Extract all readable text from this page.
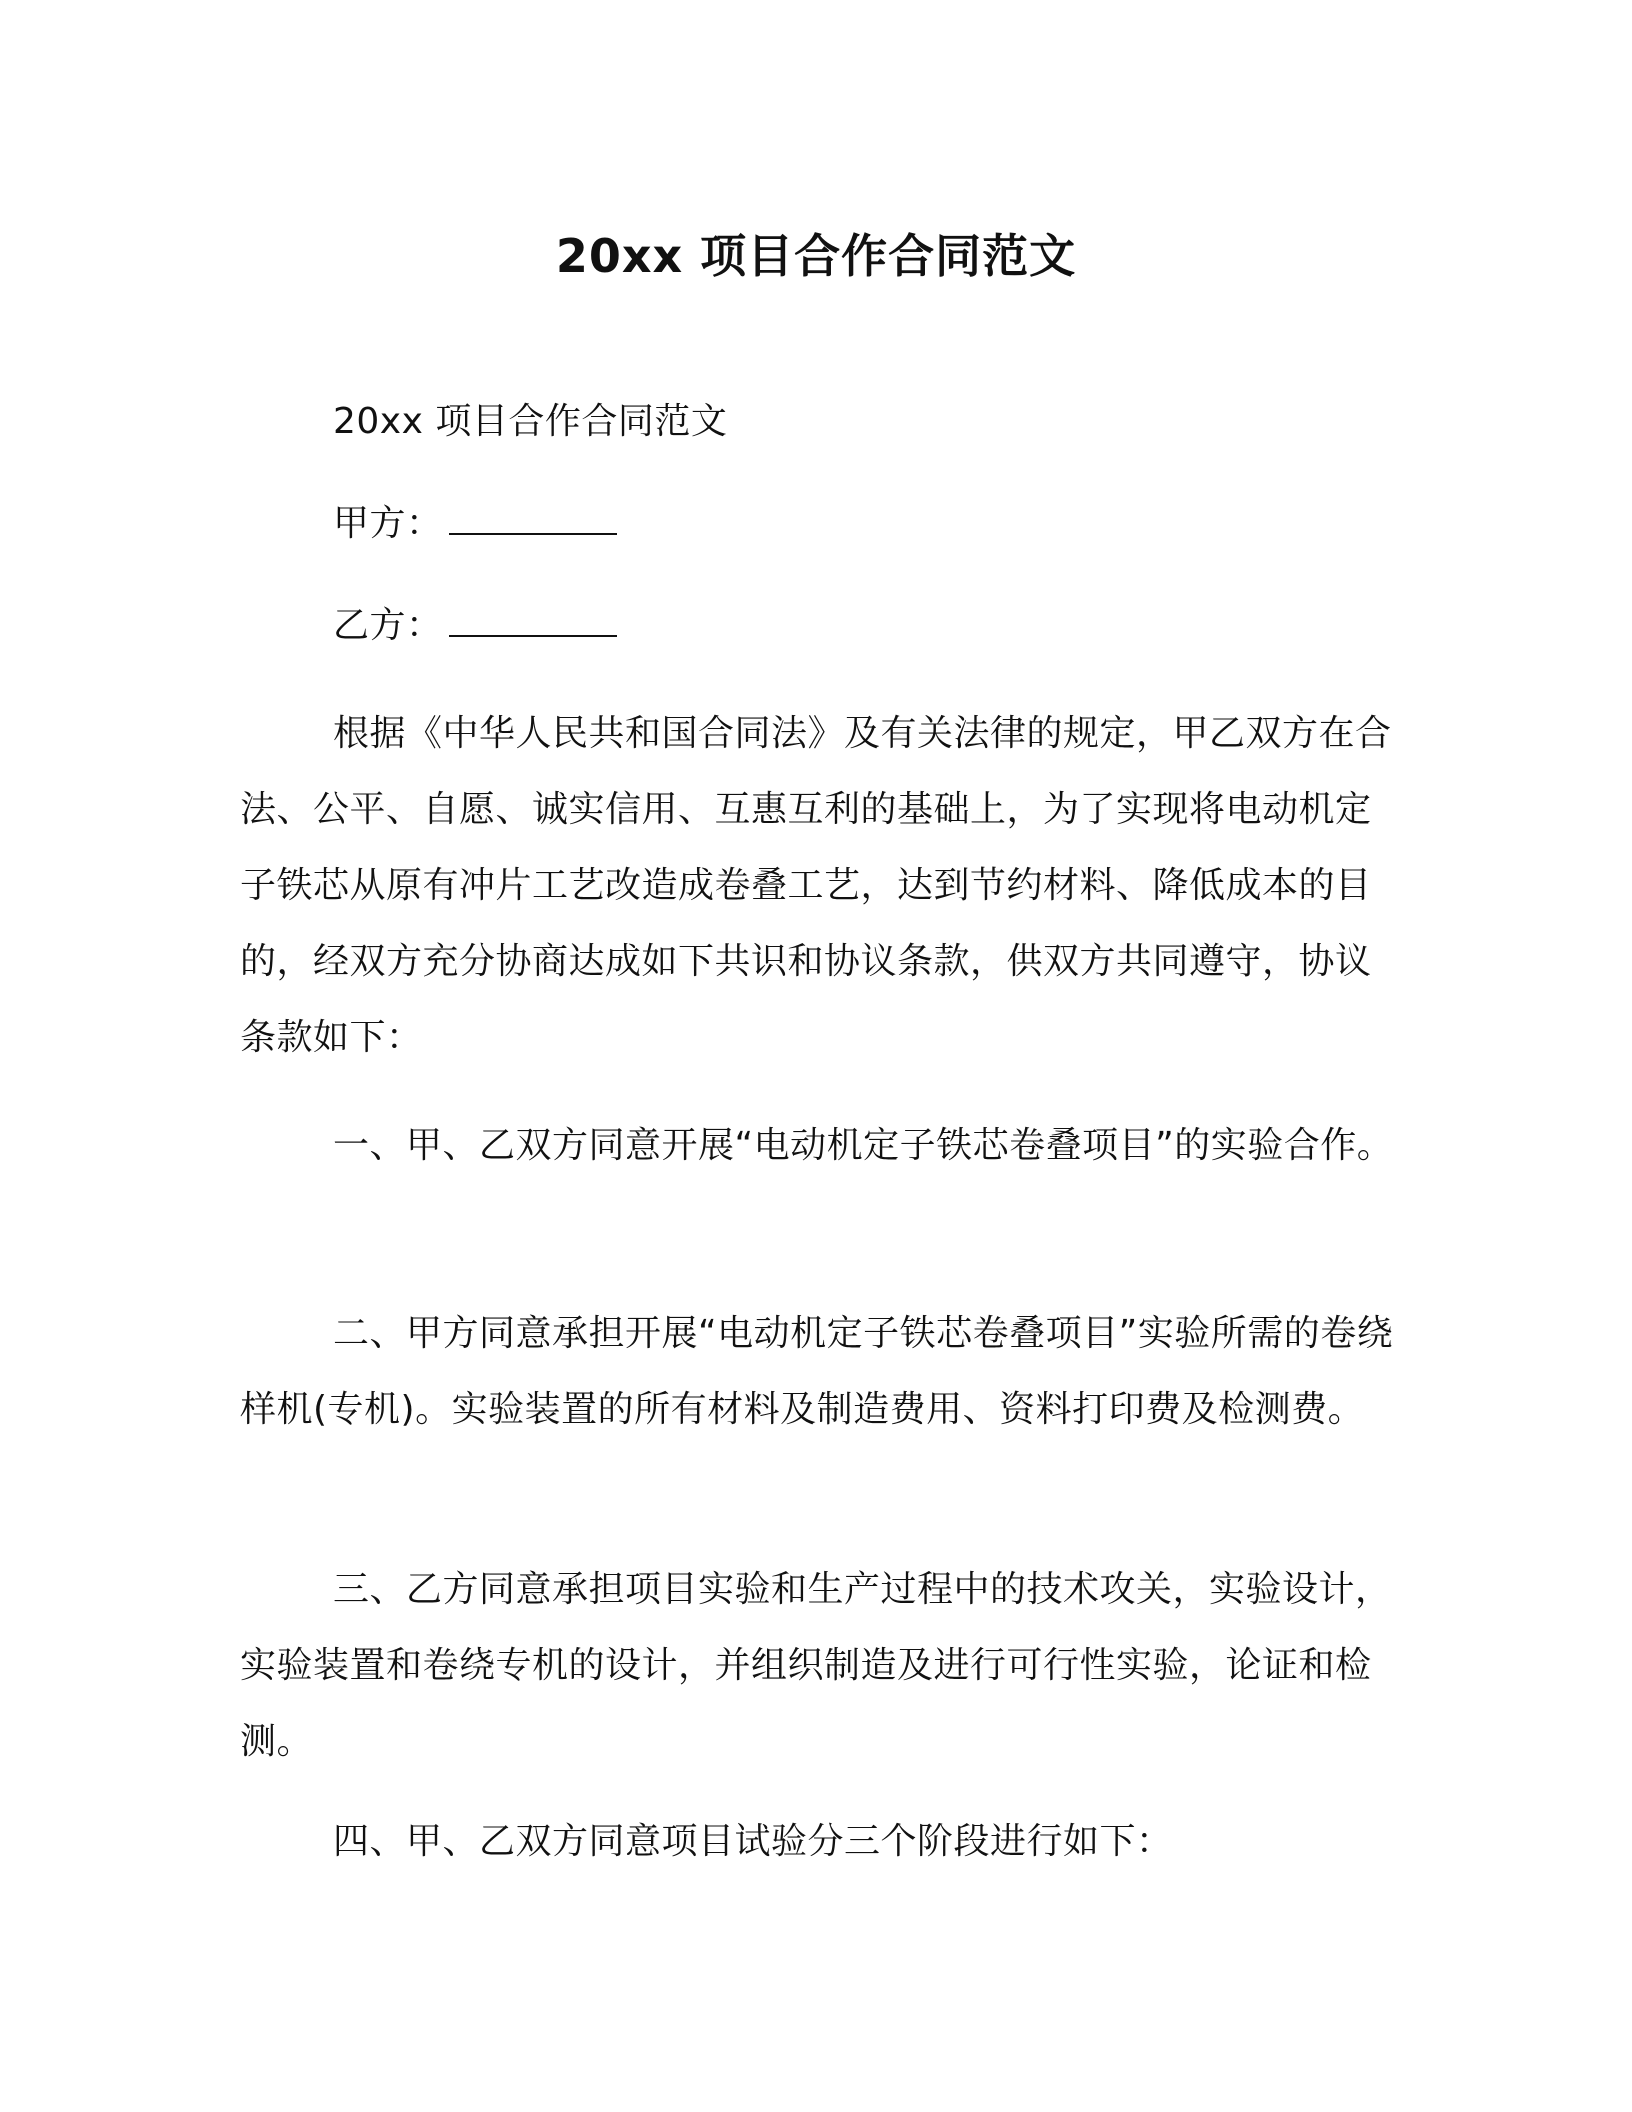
20xx 项目合作合同范文
20xx 项目合作合同范文
甲方：
乙方：
根据《中华人民共和国合同法》及有关法律的规定，甲乙双方在合法、公平、自愿、诚实信用、互惠互利的基础上，为了实现将电动机定子铁芯从原有冲片工艺改造成卷叠工艺，达到节约材料、降低成本的目的，经双方充分协商达成如下共识和协议条款，供双方共同遵守，协议条款如下：
一、甲、乙双方同意开展“电动机定子铁芯卷叠项目”的实验合作。
二、甲方同意承担开展“电动机定子铁芯卷叠项目”实验所需的卷绕样机(专机)。实验装置的所有材料及制造费用、资料打印费及检测费。
三、乙方同意承担项目实验和生产过程中的技术攻关，实验设计，实验装置和卷绕专机的设计，并组织制造及进行可行性实验，论证和检测。
四、甲、乙双方同意项目试验分三个阶段进行如下：
